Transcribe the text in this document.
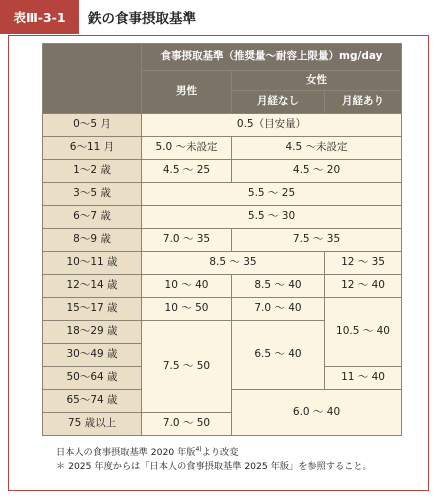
表Ⅲ-3-1	鉄の食事摂取基準
	食事摂取基準（推奨量～耐容上限量）mg/day		
	男性	女性	
		月経なし	月経あり
0～5 月	0.5（目安量）		
6～11 月	5.0 ～未設定	4.5 ～未設定	
1～2 歳	4.5 ～ 25	4.5 ～ 20	
3～5 歳	5.5 ～ 25		
6～7 歳	5.5 ～ 30		
8～9 歳	7.0 ～ 35	7.5 ～ 35	
10～11 歳	8.5 ～ 35		12 ～ 35
12～14 歳	10 ～ 40	8.5 ～ 40	12 ～ 40
15～17 歳	10 ～ 50	7.0 ～ 40	10.5 ～ 40
18～29 歳	7.5 ～ 50	6.5 ～ 40	
30～49 歳			
50～64 歳			11 ～ 40
65～74 歳		6.0 ～ 40	
75 歳以上	7.0 ～ 50		
日本人の食事摂取基準 2020 年版$^{4)}$より改変
＊ 2025 年度からは「日本人の食事摂取基準 2025 年版」を参照すること。
